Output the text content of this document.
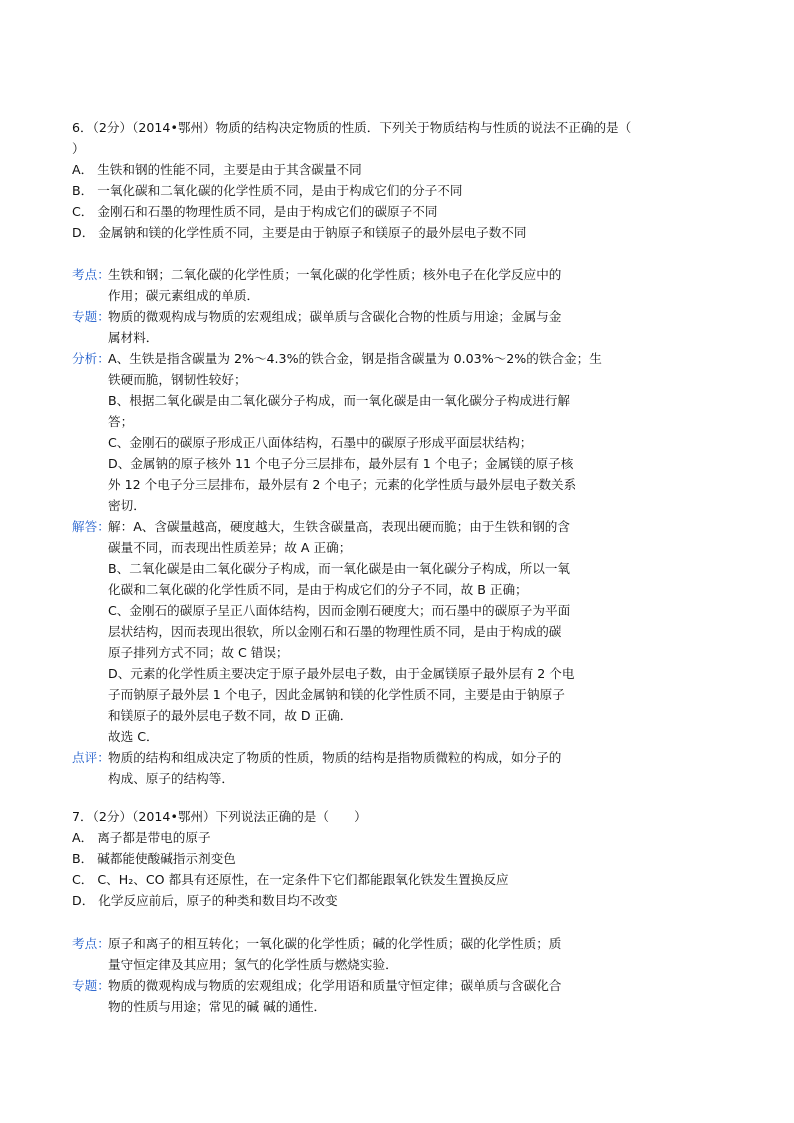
6．（2分）（2014•鄂州）物质的结构决定物质的性质．下列关于物质结构与性质的说法不正确的是（
）
A． 生铁和钢的性能不同，主要是由于其含碳量不同
B． 一氧化碳和二氧化碳的化学性质不同，是由于构成它们的分子不同
C． 金刚石和石墨的物理性质不同，是由于构成它们的碳原子不同
D． 金属钠和镁的化学性质不同，主要是由于钠原子和镁原子的最外层电子数不同
考点：
生铁和钢；二氧化碳的化学性质；一氧化碳的化学性质；核外电子在化学反应中的
作用；碳元素组成的单质．
专题：
物质的微观构成与物质的宏观组成；碳单质与含碳化合物的性质与用途；金属与金
属材料．
分析：
A、生铁是指含碳量为 2%～4.3%的铁合金，钢是指含碳量为 0.03%～2%的铁合金；生
铁硬而脆，钢韧性较好；
B、根据二氧化碳是由二氧化碳分子构成，而一氧化碳是由一氧化碳分子构成进行解
答；
C、金刚石的碳原子形成正八面体结构，石墨中的碳原子形成平面层状结构；
D、金属钠的原子核外 11 个电子分三层排布，最外层有 1 个电子；金属镁的原子核
外 12 个电子分三层排布，最外层有 2 个电子；元素的化学性质与最外层电子数关系
密切．
解答：
解：A、含碳量越高，硬度越大，生铁含碳量高，表现出硬而脆；由于生铁和钢的含
碳量不同，而表现出性质差异；故 A 正确；
B、二氧化碳是由二氧化碳分子构成，而一氧化碳是由一氧化碳分子构成，所以一氧
化碳和二氧化碳的化学性质不同，是由于构成它们的分子不同，故 B 正确；
C、金刚石的碳原子呈正八面体结构，因而金刚石硬度大；而石墨中的碳原子为平面
层状结构，因而表现出很软，所以金刚石和石墨的物理性质不同，是由于构成的碳
原子排列方式不同；故 C 错误；
D、元素的化学性质主要决定于原子最外层电子数，由于金属镁原子最外层有 2 个电
子而钠原子最外层 1 个电子，因此金属钠和镁的化学性质不同，主要是由于钠原子
和镁原子的最外层电子数不同，故 D 正确．
故选 C．
点评：
物质的结构和组成决定了物质的性质，物质的结构是指物质微粒的构成，如分子的
构成、原子的结构等．
7．（2分）（2014•鄂州）下列说法正确的是（　　）
A． 离子都是带电的原子
B． 碱都能使酸碱指示剂变色
C． C、H₂、CO 都具有还原性，在一定条件下它们都能跟氧化铁发生置换反应
D． 化学反应前后，原子的种类和数目均不改变
考点：
原子和离子的相互转化；一氧化碳的化学性质；碱的化学性质；碳的化学性质；质
量守恒定律及其应用；氢气的化学性质与燃烧实验．
专题：
物质的微观构成与物质的宏观组成；化学用语和质量守恒定律；碳单质与含碳化合
物的性质与用途；常见的碱 碱的通性．
